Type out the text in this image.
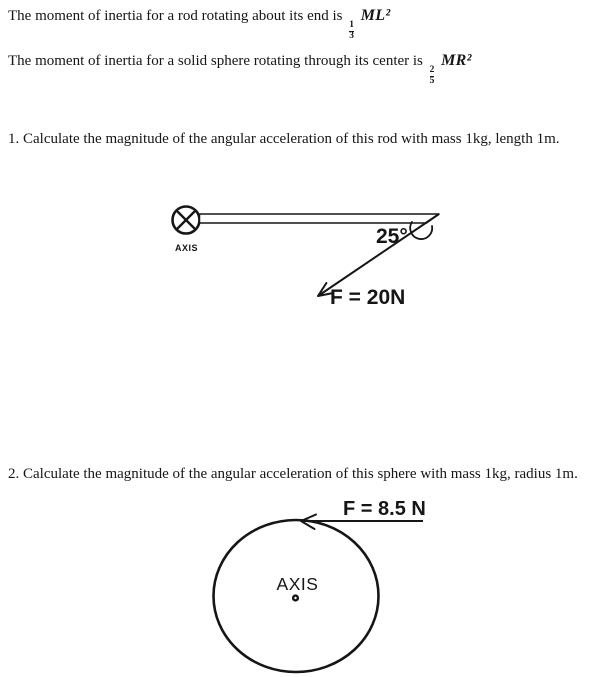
The moment of inertia for a rod rotating about its end is
$\frac{1}{3}$
ML²
The moment of inertia for a solid sphere rotating through its center is
$\frac{2}{5}$
MR²
1. Calculate the magnitude of the angular acceleration of this rod with mass 1kg, length 1m.
AXIS	25°
F = 20N
2. Calculate the magnitude of the angular acceleration of this sphere with mass 1kg, radius 1m.
F = 8.5 N
AXIS
